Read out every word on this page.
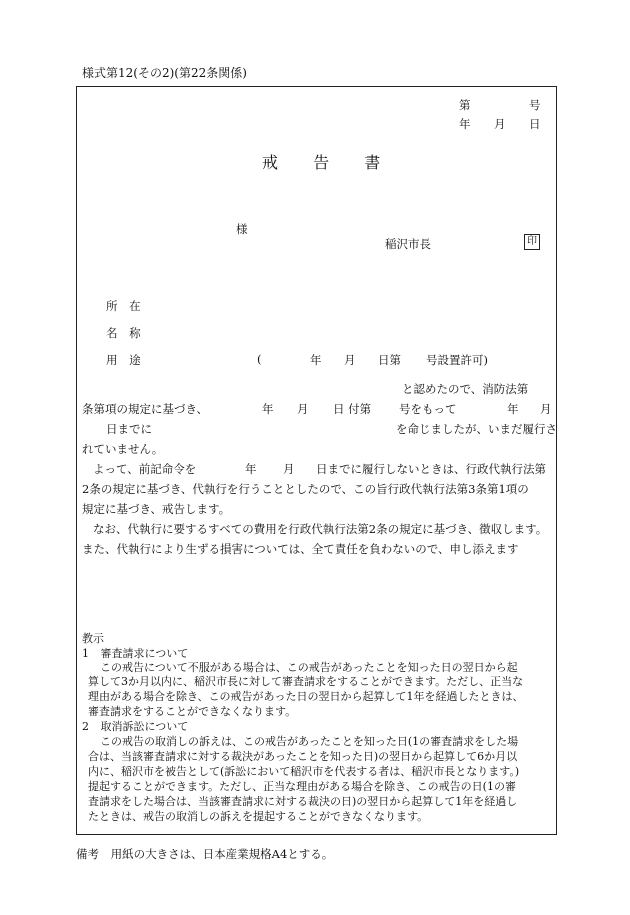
様式第12(その2)(第22条関係)
第	号
年 月 日
戒 告 書
様
稲沢市長	印
所 在
名 称
用 途	(	年 月 日第 号設置許可)
と認めたので、消防法第
条第項の規定に基づき、	年 月 日 付第 号をもって	年 月
日までに	を命じましたが、いまだ履行さ
れていません。
よって、前記命令を	年 月 日までに履行しないときは、行政代執行法第
2条の規定に基づき、代執行を行うこととしたので、この旨行政代執行法第3条第1項の
規定に基づき、戒告します。
なお、代執行に要するすべての費用を行政代執行法第2条の規定に基づき、徴収します。
また、代執行により生ずる損害については、全て責任を負わないので、申し添えます
教示
1 審査請求について
この戒告について不服がある場合は、この戒告があったことを知った日の翌日から起
算して3か月以内に、稲沢市長に対して審査請求をすることができます。ただし、正当な
理由がある場合を除き、この戒告があった日の翌日から起算して1年を経過したときは、
審査請求をすることができなくなります。
2 取消訴訟について
この戒告の取消しの訴えは、この戒告があったことを知った日(1の審査請求をした場
合は、当該審査請求に対する裁決があったことを知った日)の翌日から起算して6か月以
内に、稲沢市を被告として(訴訟において稲沢市を代表する者は、稲沢市長となります。)
提起することができます。ただし、正当な理由がある場合を除き、この戒告の日(1の審
査請求をした場合は、当該審査請求に対する裁決の日)の翌日から起算して1年を経過し
たときは、戒告の取消しの訴えを提起することができなくなります。
備考 用紙の大きさは、日本産業規格A4とする。
